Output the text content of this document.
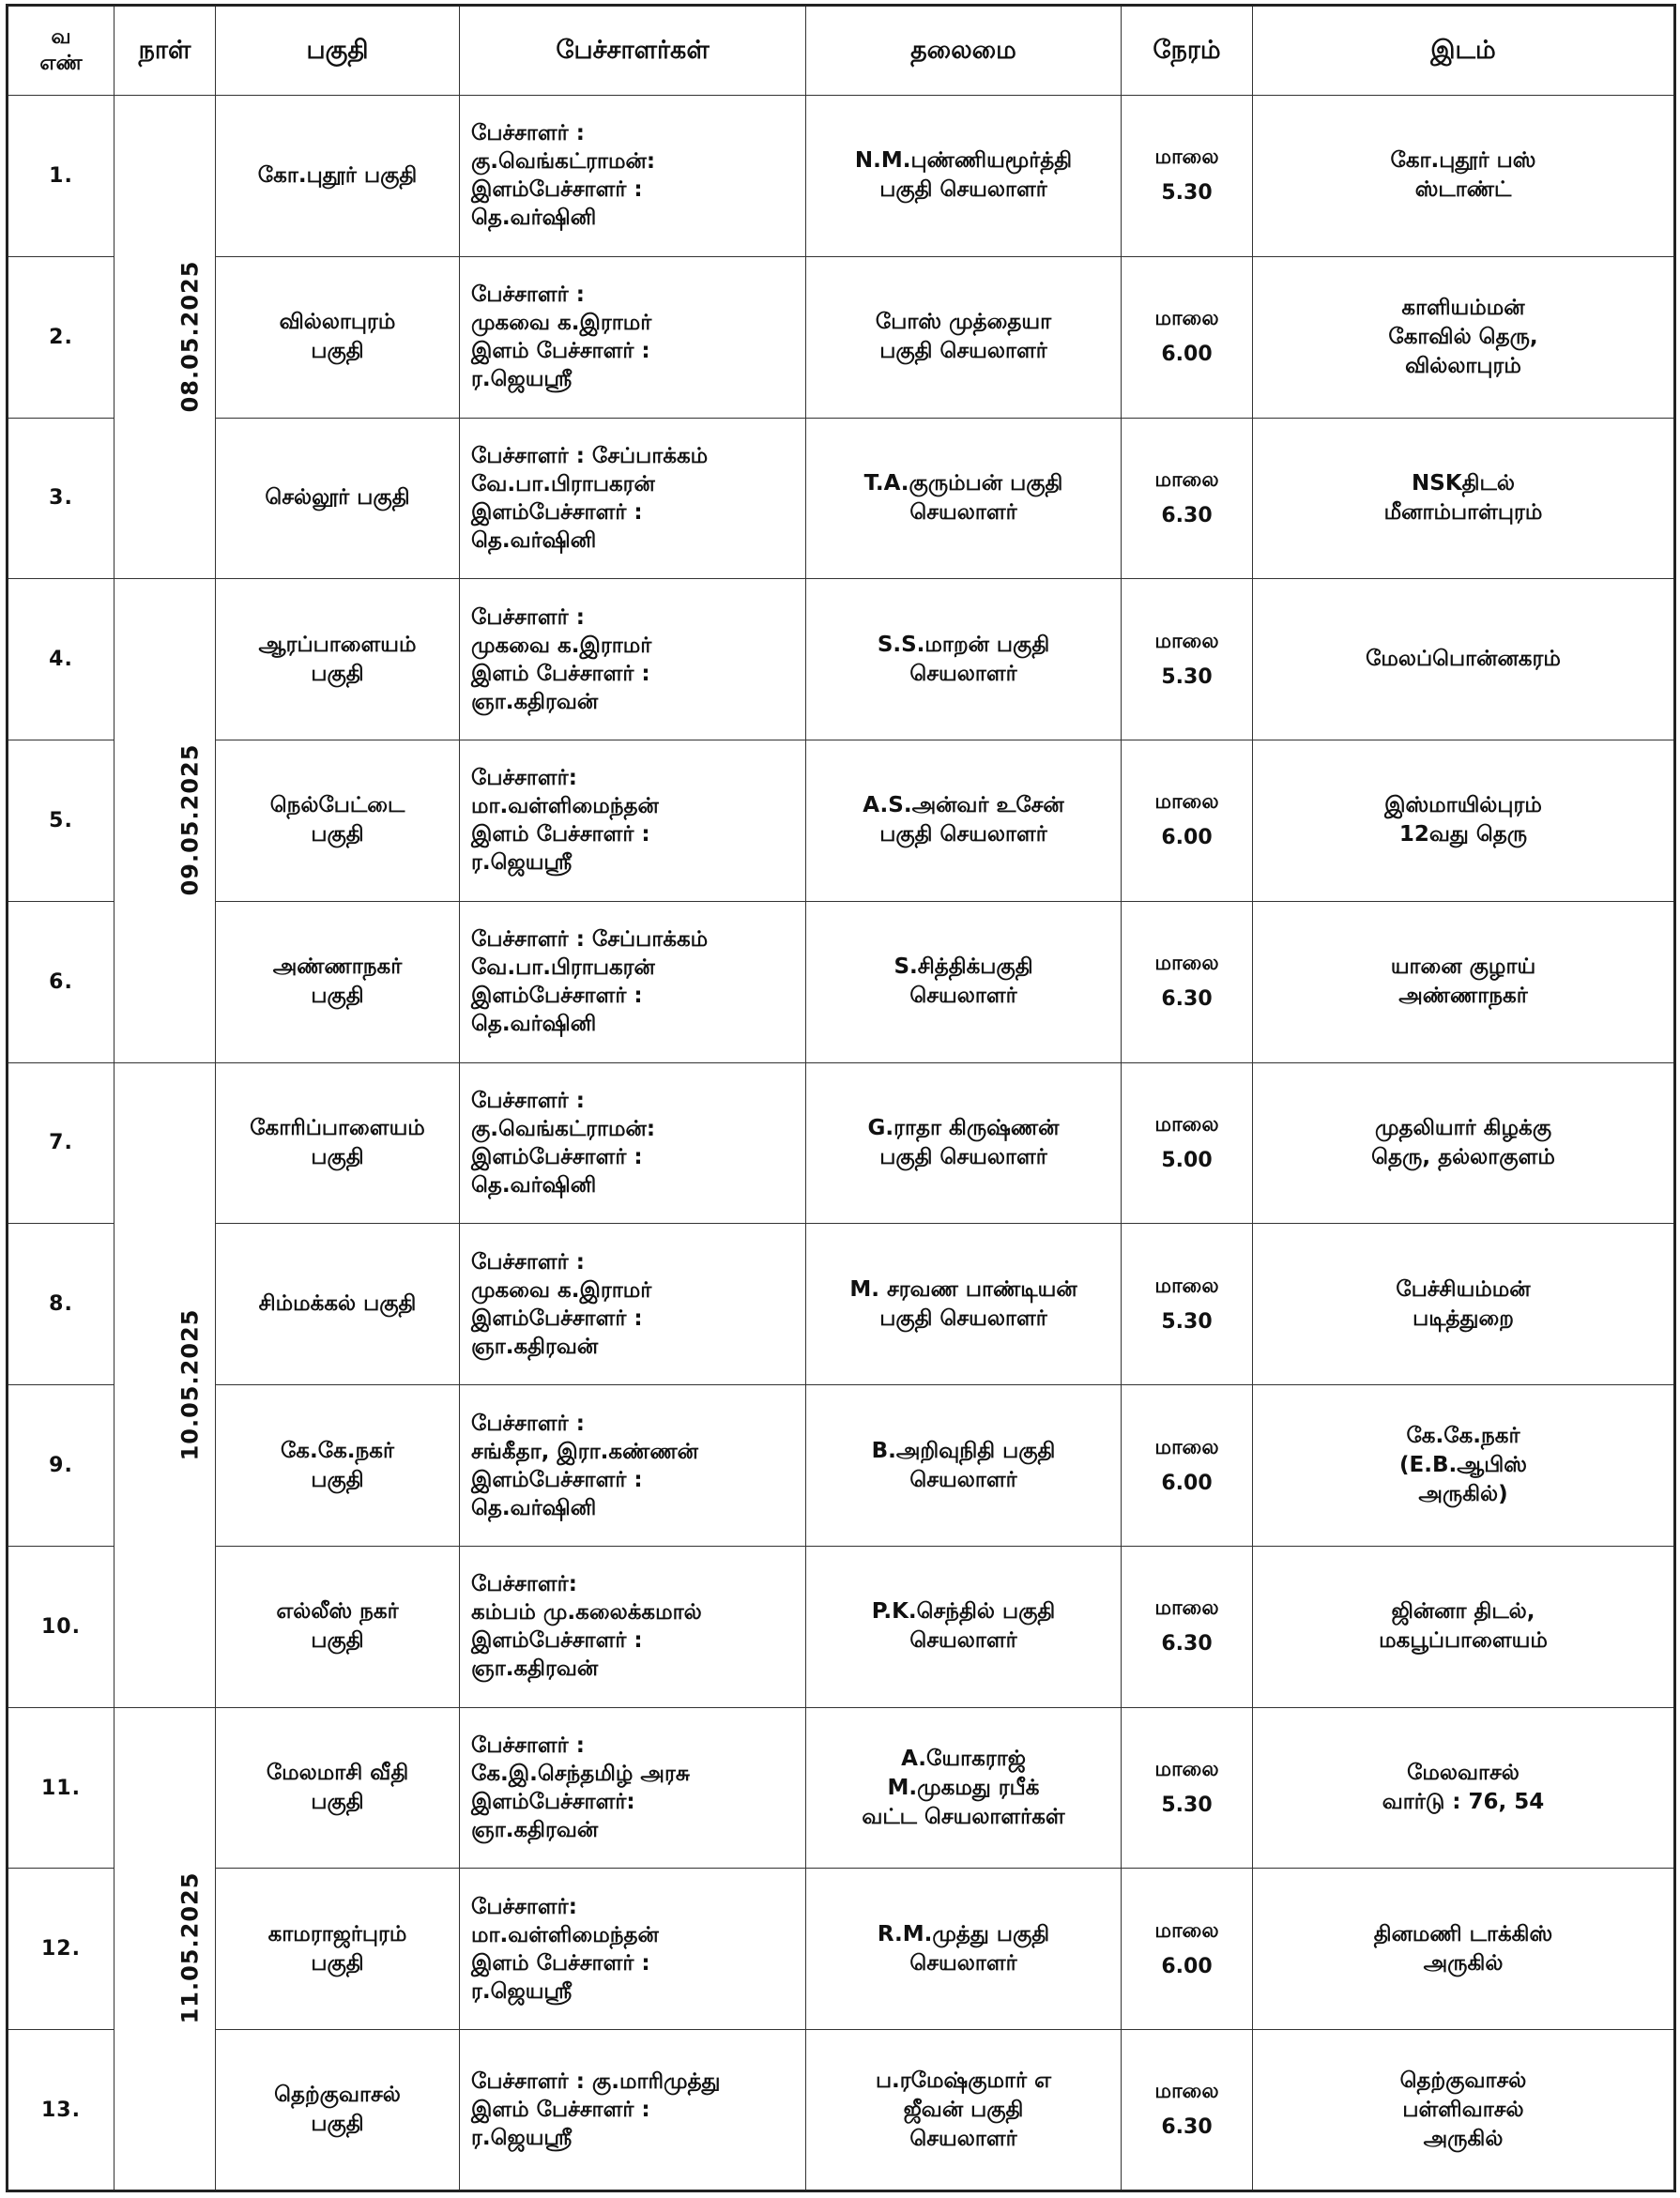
வ
எண்	நாள்	பகுதி	பேச்சாளர்கள்	தலைமை	நேரம்	இடம்
1.	08.05.2025	கோ.புதூர் பகுதி	பேச்சாளர் :
கு.வெங்கட்ராமன்:
இளம்பேச்சாளர் :
தெ.வர்ஷினி	N.M.புண்ணியமூர்த்தி
பகுதி செயலாளர்	மாலை
5.30	கோ.புதூர் பஸ்
ஸ்டாண்ட்

2.		வில்லாபுரம்
பகுதி	பேச்சாளர் :
முகவை க.இராமர்
இளம் பேச்சாளர் :
ர.ஜெயஸ்ரீ	போஸ் முத்தையா
பகுதி செயலாளர்	மாலை
6.00	காளியம்மன்
கோவில் தெரு,
வில்லாபுரம்

3.		செல்லூர் பகுதி	பேச்சாளர் : சேப்பாக்கம்
வே.பா.பிராபகரன்
இளம்பேச்சாளர் :
தெ.வர்ஷினி	T.A.குரும்பன் பகுதி
செயலாளர்	மாலை
6.30	NSKதிடல்
மீனாம்பாள்புரம்

4.	09.05.2025	ஆரப்பாளையம்
பகுதி	பேச்சாளர் :
முகவை க.இராமர்
இளம் பேச்சாளர் :
ஞா.கதிரவன்	S.S.மாறன் பகுதி
செயலாளர்	மாலை
5.30	மேலப்பொன்னகரம்

5.		நெல்பேட்டை
பகுதி	பேச்சாளர்:
மா.வள்ளிமைந்தன்
இளம் பேச்சாளர் :
ர.ஜெயஸ்ரீ	A.S.அன்வர் உசேன்
பகுதி செயலாளர்	மாலை
6.00	இஸ்மாயில்புரம்
12வது தெரு

6.		அண்ணாநகர்
பகுதி	பேச்சாளர் : சேப்பாக்கம்
வே.பா.பிராபகரன்
இளம்பேச்சாளர் :
தெ.வர்ஷினி	S.சித்திக்பகுதி
செயலாளர்	மாலை
6.30	யானை குழாய்
அண்ணாநகர்

7.	10.05.2025	கோரிப்பாளையம்
பகுதி	பேச்சாளர் :
கு.வெங்கட்ராமன்:
இளம்பேச்சாளர் :
தெ.வர்ஷினி	G.ராதா கிருஷ்ணன்
பகுதி செயலாளர்	மாலை
5.00	முதலியார் கிழக்கு
தெரு, தல்லாகுளம்

8.		சிம்மக்கல் பகுதி	பேச்சாளர் :
முகவை க.இராமர்
இளம்பேச்சாளர் :
ஞா.கதிரவன்	M. சரவண பாண்டியன்
பகுதி செயலாளர்	மாலை
5.30	பேச்சியம்மன்
படித்துறை

9.		கே.கே.நகர்
பகுதி	பேச்சாளர் :
சங்கீதா, இரா.கண்ணன்
இளம்பேச்சாளர் :
தெ.வர்ஷினி	B.அறிவுநிதி பகுதி
செயலாளர்	மாலை
6.00	கே.கே.நகர்
(E.B.ஆபிஸ்
அருகில்)

10.		எல்லீஸ் நகர்
பகுதி	பேச்சாளர்:
கம்பம் மு.கலைக்கமால்
இளம்பேச்சாளர் :
ஞா.கதிரவன்	P.K.செந்தில் பகுதி
செயலாளர்	மாலை
6.30	ஜின்னா திடல்,
மகபூப்பாளையம்

11.	11.05.2025	மேலமாசி வீதி
பகுதி	பேச்சாளர் :
கே.இ.செந்தமிழ் அரசு
இளம்பேச்சாளர்:
ஞா.கதிரவன்	A.யோகராஜ்
M.முகமது ரபீக்
வட்ட செயலாளர்கள்	மாலை
5.30	மேலவாசல்
வார்டு : 76, 54

12.		காமராஜர்புரம்
பகுதி	பேச்சாளர்:
மா.வள்ளிமைந்தன்
இளம் பேச்சாளர் :
ர.ஜெயஸ்ரீ	R.M.முத்து பகுதி
செயலாளர்	மாலை
6.00	தினமணி டாக்கிஸ்
அருகில்

13.		தெற்குவாசல்
பகுதி	பேச்சாளர் : கு.மாரிமுத்து
இளம் பேச்சாளர் :
ர.ஜெயஸ்ரீ	ப.ரமேஷ்குமார் எ
ஜீவன் பகுதி
செயலாளர்	மாலை
6.30	தெற்குவாசல்
பள்ளிவாசல்
அருகில்
